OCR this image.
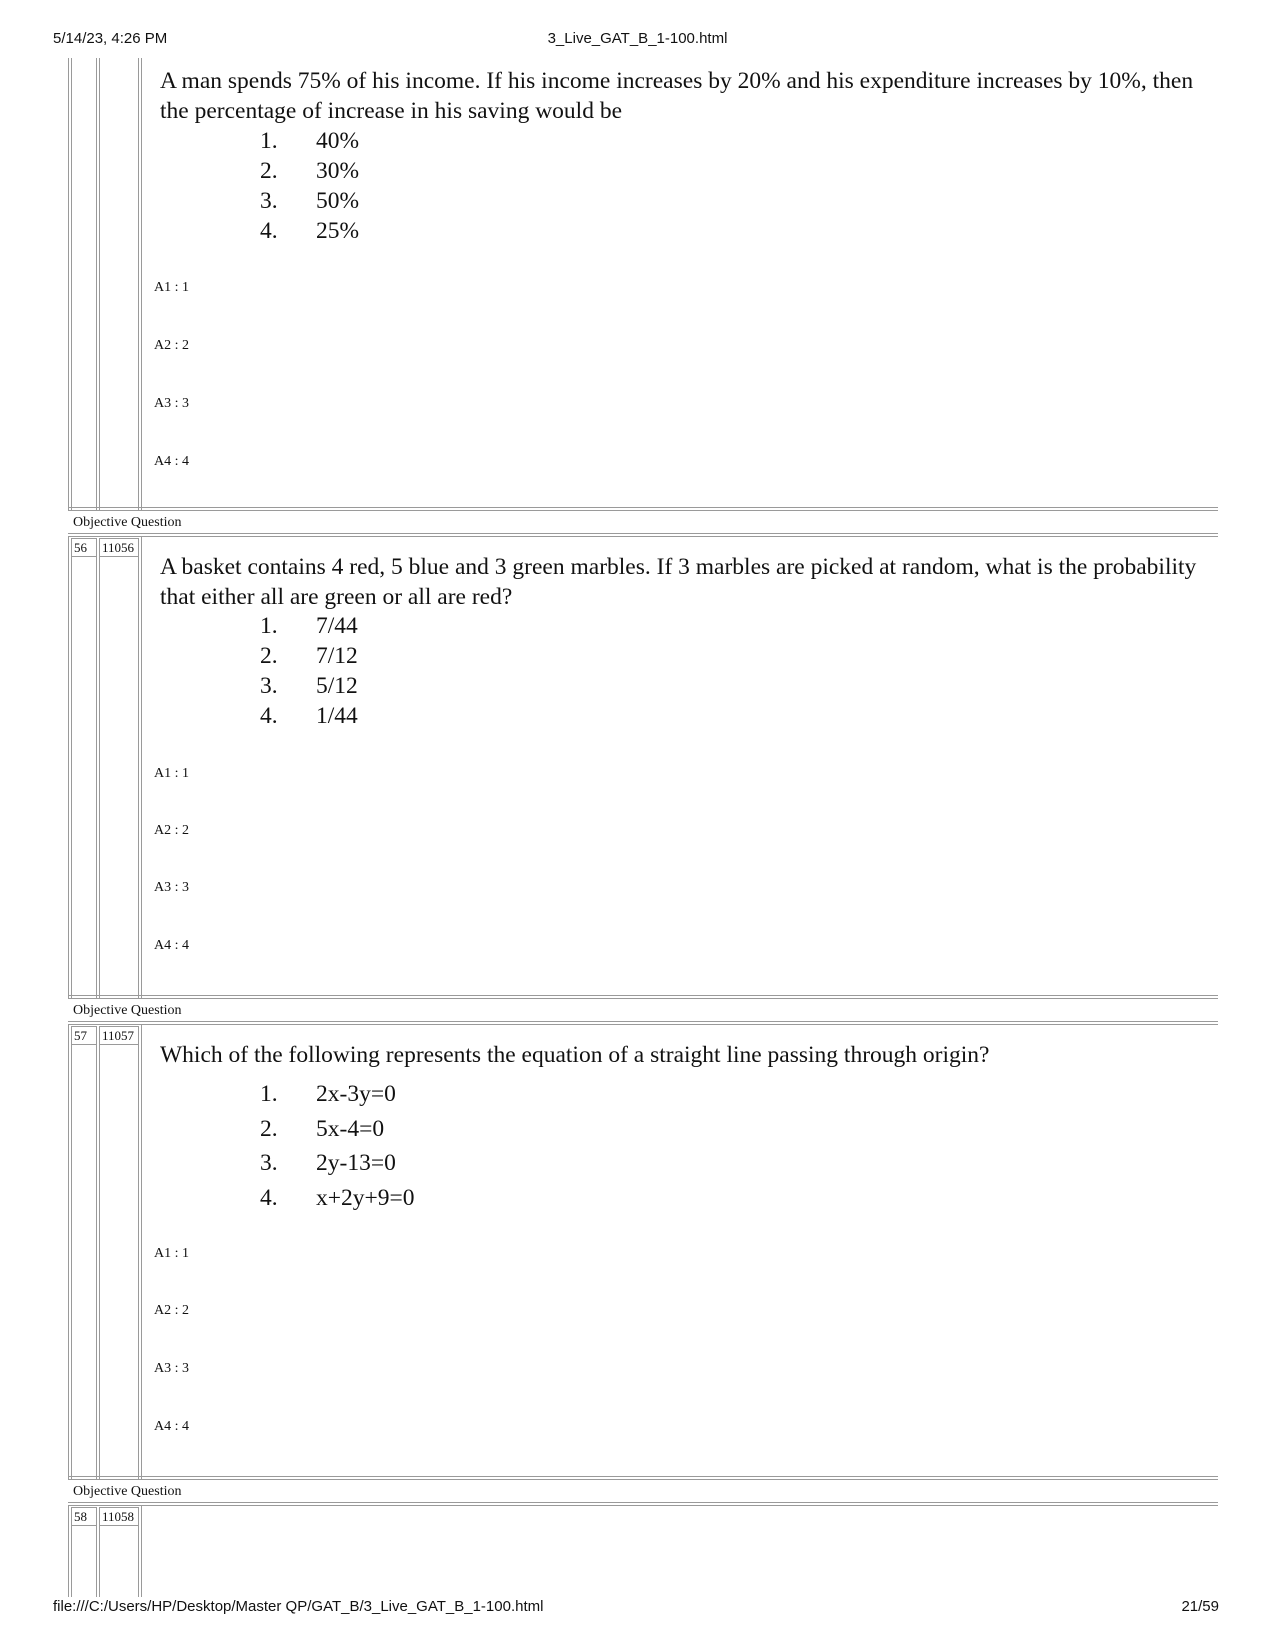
5/14/23, 4:26 PM	3_Live_GAT_B_1-100.html
file:///C:/Users/HP/Desktop/Master QP/GAT_B/3_Live_GAT_B_1-100.html	21/59
Objective Question
Objective Question
Objective Question
A man spends 75% of his income. If his income increases by 20% and his expenditure increases by 10%, then the percentage of increase in his saving would be
1.	40%
2.	30%
3.	50%
4.	25%
A1 : 1
A2 : 2
A3 : 3
A4 : 4
56	11056
A basket contains 4 red, 5 blue and 3 green marbles. If 3 marbles are picked at random, what is the probability that either all are green or all are red?
1.	7/44
2.	7/12
3.	5/12
4.	1/44
A1 : 1
A2 : 2
A3 : 3
A4 : 4
57	11057
Which of the following represents the equation of a straight line passing through origin?
1.	2x-3y=0
2.	5x-4=0
3.	2y-13=0
4.	x+2y+9=0
A1 : 1
A2 : 2
A3 : 3
A4 : 4
58	11058
